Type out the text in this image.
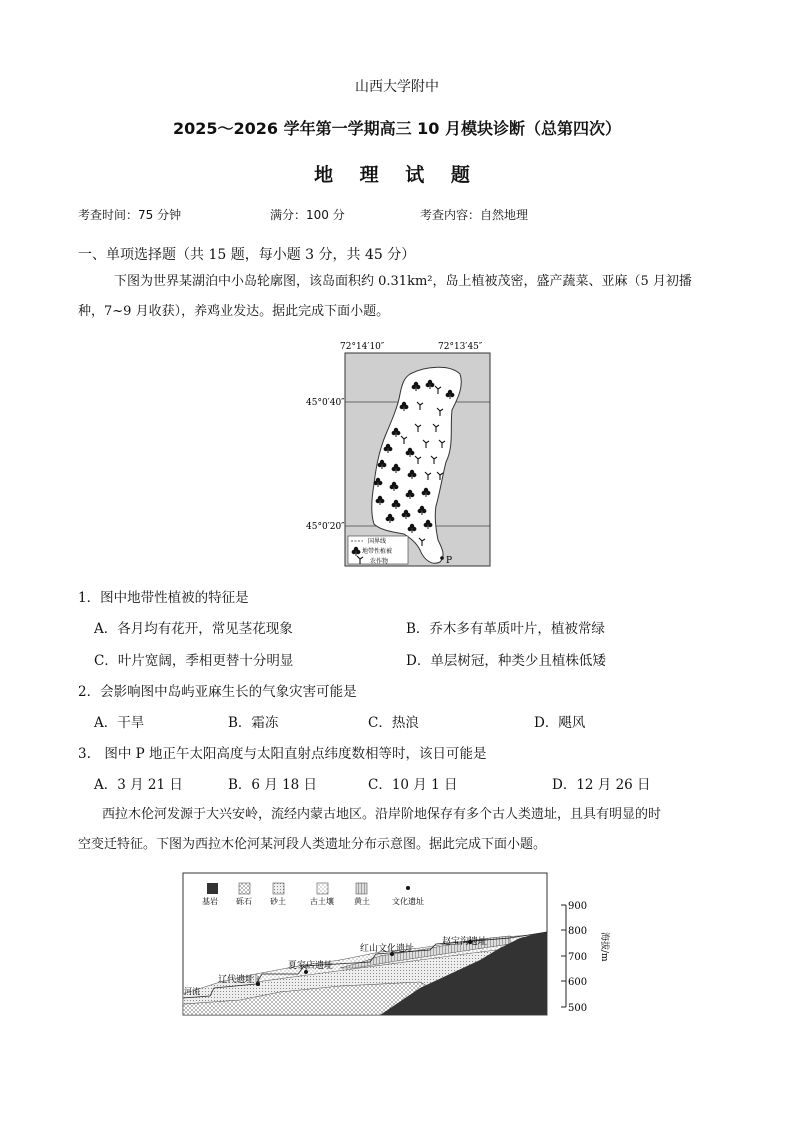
山西大学附中
2025～2026 学年第一学期高三 10 月模块诊断（总第四次）
地 理 试 题
考查时间：75 分钟	满分：100 分	考查内容：自然地理
一、单项选择题（共 15 题，每小题 3 分，共 45 分）
下图为世界某湖泊中小岛轮廓图，该岛面积约 0.31km²，岛上植被茂密，盛产蔬菜、亚麻（5 月初播
种，7~9 月收获），养鸡业发达。据此完成下面小题。
72°14′10″	72°13′45″
45°0′40″
45°0′20″
P
国界线
地带性植被
农作物
1．图中地带性植被的特征是
A．各月均有花开，常见茎花现象	B．乔木多有革质叶片，植被常绿
C．叶片宽阔，季相更替十分明显	D．单层树冠，种类少且植株低矮
2．会影响图中岛屿亚麻生长的气象灾害可能是
A．干旱	B．霜冻	C．热浪	D．飓风
3.　图中 P 地正午太阳高度与太阳直射点纬度数相等时，该日可能是
A．3 月 21 日	B．6 月 18 日	C．10 月 1 日	D．12 月 26 日
西拉木伦河发源于大兴安岭，流经内蒙古地区。沿岸阶地保存有多个古人类遗址，且具有明显的时
空变迁特征。下图为西拉木伦河某河段人类遗址分布示意图。据此完成下面小题。
基岩 砾石 砂土	古土壤	黄土	文化遗址
辽代遗址
夏家店遗址
红山文化遗址
赵宝沟遗址
河流
900
800
700
600
500
海拔/m
